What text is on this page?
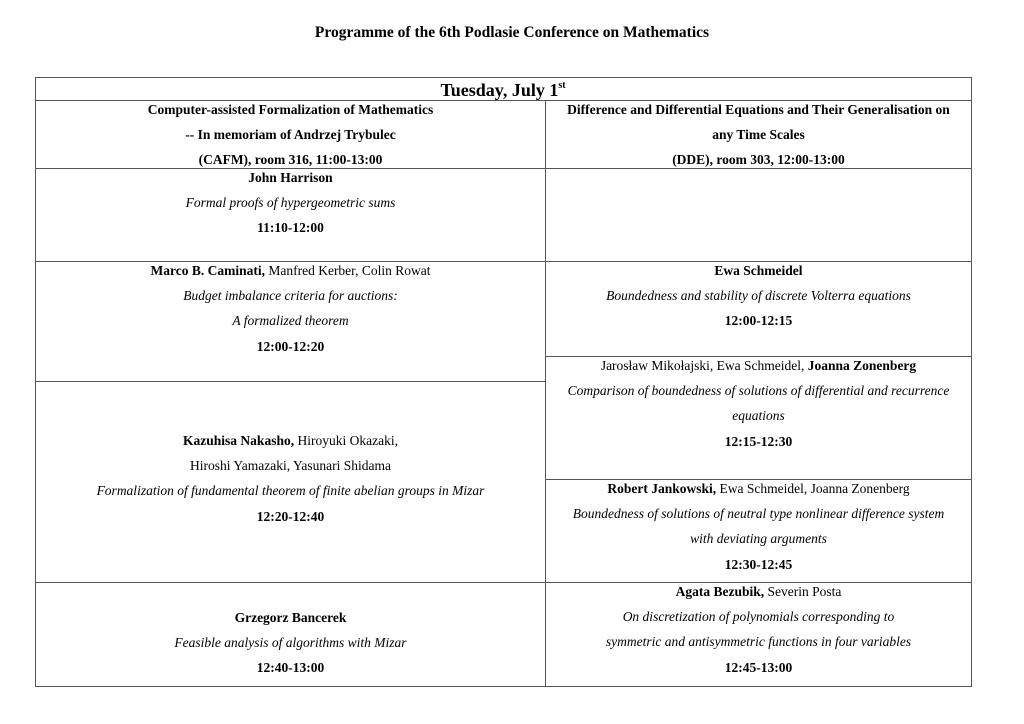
Programme of the 6th Podlasie Conference on Mathematics
Tuesday, July 1st
Computer-assisted Formalization of Mathematics
-- In memoriam of Andrzej Trybulec
(CAFM), room 316, 11:00-13:00
Difference and Differential Equations and Their Generalisation on
any Time Scales
(DDE), room 303, 12:00-13:00
John Harrison
Formal proofs of hypergeometric sums
11:10-12:00
Marco B. Caminati, Manfred Kerber, Colin Rowat
Budget imbalance criteria for auctions:
A formalized theorem
12:00-12:20
Kazuhisa Nakasho, Hiroyuki Okazaki,
Hiroshi Yamazaki, Yasunari Shidama
Formalization of fundamental theorem of finite abelian groups in Mizar
12:20-12:40
Grzegorz Bancerek
Feasible analysis of algorithms with Mizar
12:40-13:00
Ewa Schmeidel
Boundedness and stability of discrete Volterra equations
12:00-12:15
Jarosław Mikołajski, Ewa Schmeidel, Joanna Zonenberg
Comparison of boundedness of solutions of differential and recurrence
equations
12:15-12:30
Robert Jankowski, Ewa Schmeidel, Joanna Zonenberg
Boundedness of solutions of neutral type nonlinear difference system
with deviating arguments
12:30-12:45
Agata Bezubik, Severin Posta
On discretization of polynomials corresponding to
symmetric and antisymmetric functions in four variables
12:45-13:00
